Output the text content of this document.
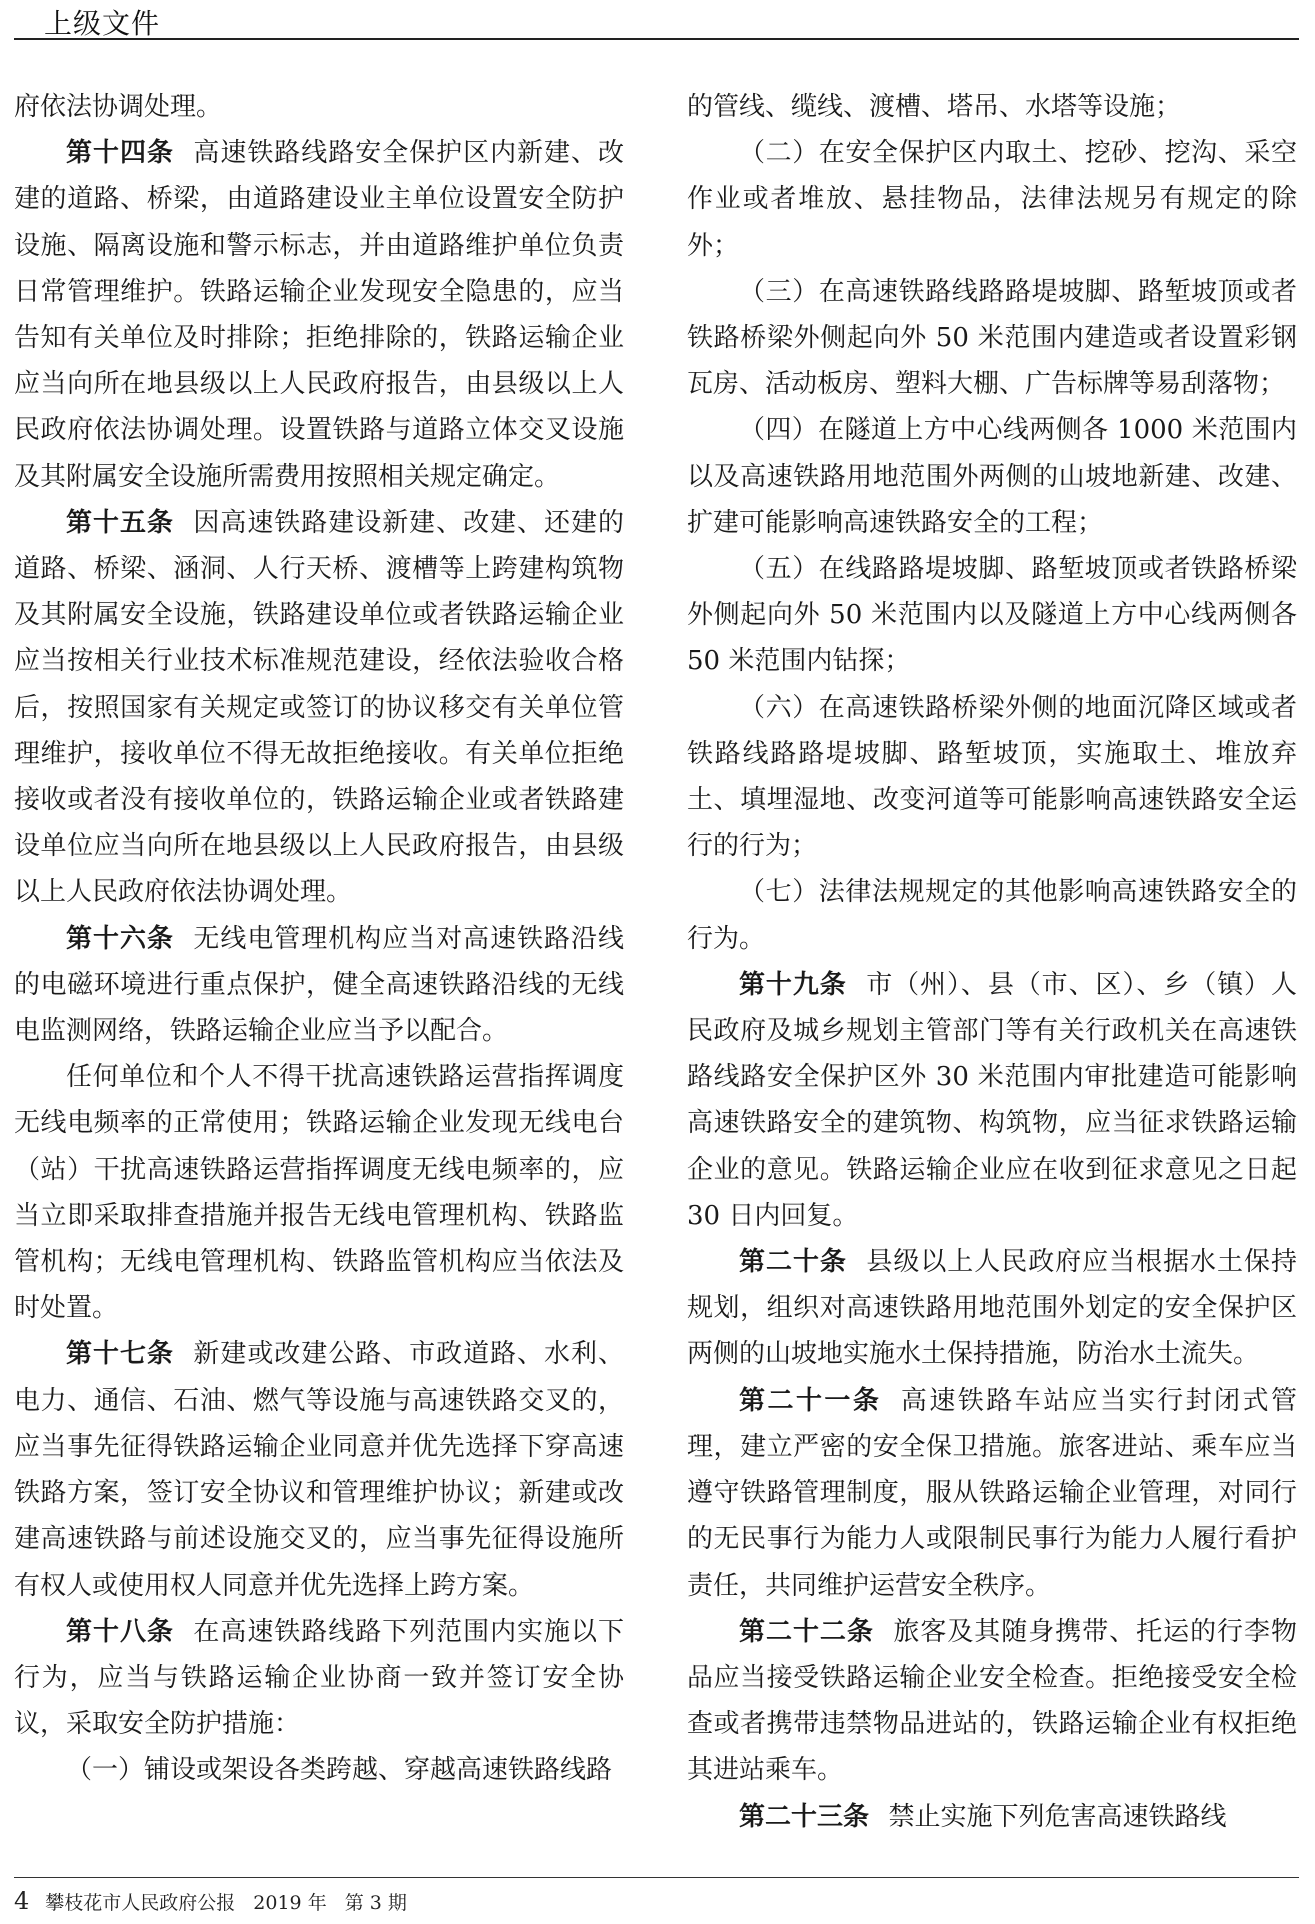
上级文件

府依法协调处理。

第十四条 高速铁路线路安全保护区内新建、改建的道路、桥梁，由道路建设业主单位设置安全防护设施、隔离设施和警示标志，并由道路维护单位负责日常管理维护。铁路运输企业发现安全隐患的，应当告知有关单位及时排除；拒绝排除的，铁路运输企业应当向所在地县级以上人民政府报告，由县级以上人民政府依法协调处理。设置铁路与道路立体交叉设施及其附属安全设施所需费用按照相关规定确定。

第十五条 因高速铁路建设新建、改建、还建的道路、桥梁、涵洞、人行天桥、渡槽等上跨建构筑物及其附属安全设施，铁路建设单位或者铁路运输企业应当按相关行业技术标准规范建设，经依法验收合格后，按照国家有关规定或签订的协议移交有关单位管理维护，接收单位不得无故拒绝接收。有关单位拒绝接收或者没有接收单位的，铁路运输企业或者铁路建设单位应当向所在地县级以上人民政府报告，由县级以上人民政府依法协调处理。

第十六条 无线电管理机构应当对高速铁路沿线的电磁环境进行重点保护，健全高速铁路沿线的无线电监测网络，铁路运输企业应当予以配合。

任何单位和个人不得干扰高速铁路运营指挥调度无线电频率的正常使用；铁路运输企业发现无线电台（站）干扰高速铁路运营指挥调度无线电频率的，应当立即采取排查措施并报告无线电管理机构、铁路监管机构；无线电管理机构、铁路监管机构应当依法及时处置。

第十七条 新建或改建公路、市政道路、水利、电力、通信、石油、燃气等设施与高速铁路交叉的，应当事先征得铁路运输企业同意并优先选择下穿高速铁路方案，签订安全协议和管理维护协议；新建或改建高速铁路与前述设施交叉的，应当事先征得设施所有权人或使用权人同意并优先选择上跨方案。

第十八条 在高速铁路线路下列范围内实施以下行为，应当与铁路运输企业协商一致并签订安全协议，采取安全防护措施：

（一）铺设或架设各类跨越、穿越高速铁路线路

的管线、缆线、渡槽、塔吊、水塔等设施；

（二）在安全保护区内取土、挖砂、挖沟、采空作业或者堆放、悬挂物品，法律法规另有规定的除外；

（三）在高速铁路线路路堤坡脚、路堑坡顶或者铁路桥梁外侧起向外 50 米范围内建造或者设置彩钢瓦房、活动板房、塑料大棚、广告标牌等易刮落物；

（四）在隧道上方中心线两侧各 1000 米范围内以及高速铁路用地范围外两侧的山坡地新建、改建、扩建可能影响高速铁路安全的工程；

（五）在线路路堤坡脚、路堑坡顶或者铁路桥梁外侧起向外 50 米范围内以及隧道上方中心线两侧各 50 米范围内钻探；

（六）在高速铁路桥梁外侧的地面沉降区域或者铁路线路路堤坡脚、路堑坡顶，实施取土、堆放弃土、填埋湿地、改变河道等可能影响高速铁路安全运行的行为；

（七）法律法规规定的其他影响高速铁路安全的行为。

第十九条 市（州）、县（市、区）、乡（镇）人民政府及城乡规划主管部门等有关行政机关在高速铁路线路安全保护区外 30 米范围内审批建造可能影响高速铁路安全的建筑物、构筑物，应当征求铁路运输企业的意见。铁路运输企业应在收到征求意见之日起 30 日内回复。

第二十条 县级以上人民政府应当根据水土保持规划，组织对高速铁路用地范围外划定的安全保护区两侧的山坡地实施水土保持措施，防治水土流失。

第二十一条 高速铁路车站应当实行封闭式管理，建立严密的安全保卫措施。旅客进站、乘车应当遵守铁路管理制度，服从铁路运输企业管理，对同行的无民事行为能力人或限制民事行为能力人履行看护责任，共同维护运营安全秩序。

第二十二条 旅客及其随身携带、托运的行李物品应当接受铁路运输企业安全检查。拒绝接受安全检查或者携带违禁物品进站的，铁路运输企业有权拒绝其进站乘车。

第二十三条 禁止实施下列危害高速铁路线

4 攀枝花市人民政府公报 2019 年 第 3 期
